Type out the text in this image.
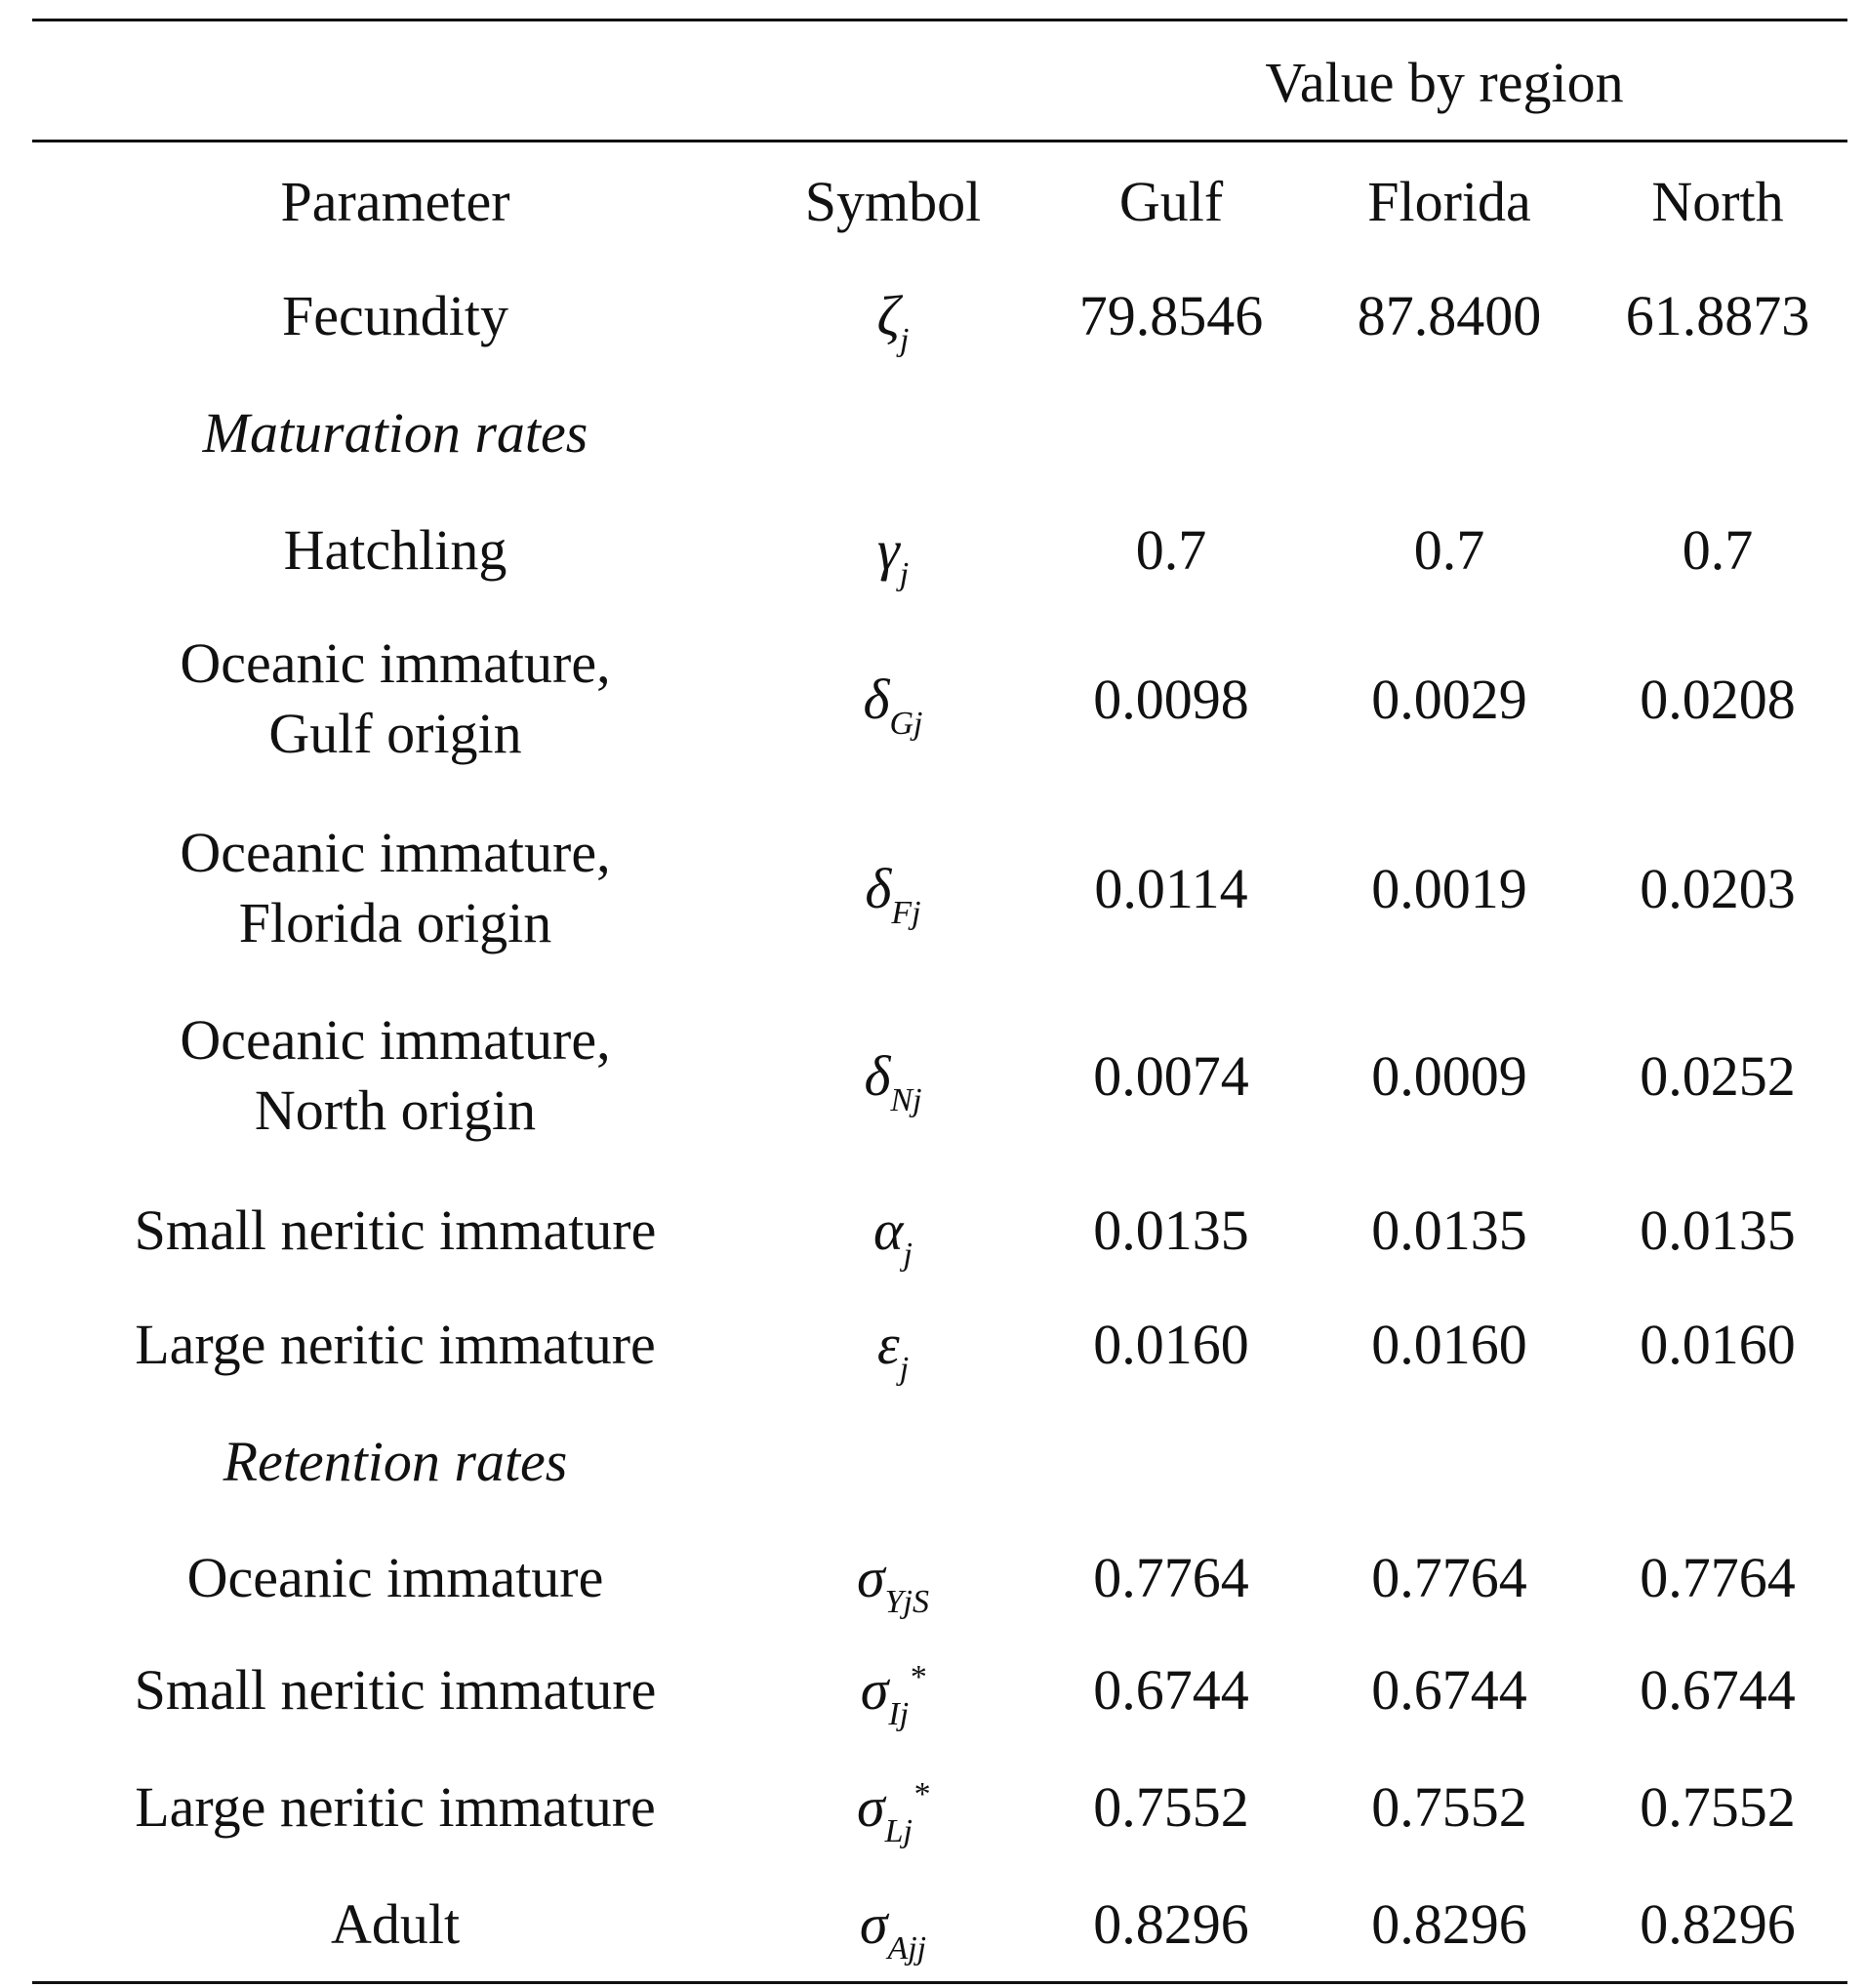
Value by region
Parameter	Symbol	Gulf	Florida	North
Fecundity	$\zeta_j$	79.8546	87.8400	61.8873
Maturation rates
Hatchling	$\gamma_j$	0.7	0.7	0.7
Oceanic immature,
Gulf origin
$\delta_{Gj}$	0.0098	0.0029	0.0208
Oceanic immature,
Florida origin
$\delta_{Fj}$	0.0114	0.0019	0.0203
Oceanic immature,
North origin
$\delta_{Nj}$	0.0074	0.0009	0.0252
Small neritic immature	$\alpha_j$	0.0135	0.0135	0.0135
Large neritic immature	$\varepsilon_j$	0.0160	0.0160	0.0160
Retention rates
Oceanic immature	$\sigma_{YjS}$	0.7764	0.7764	0.7764
Small neritic immature	$\sigma_{Ij}^*$	0.6744	0.6744	0.6744
Large neritic immature	$\sigma_{Lj}^*$	0.7552	0.7552	0.7552
Adult	$\sigma_{Ajj}$	0.8296	0.8296	0.8296
